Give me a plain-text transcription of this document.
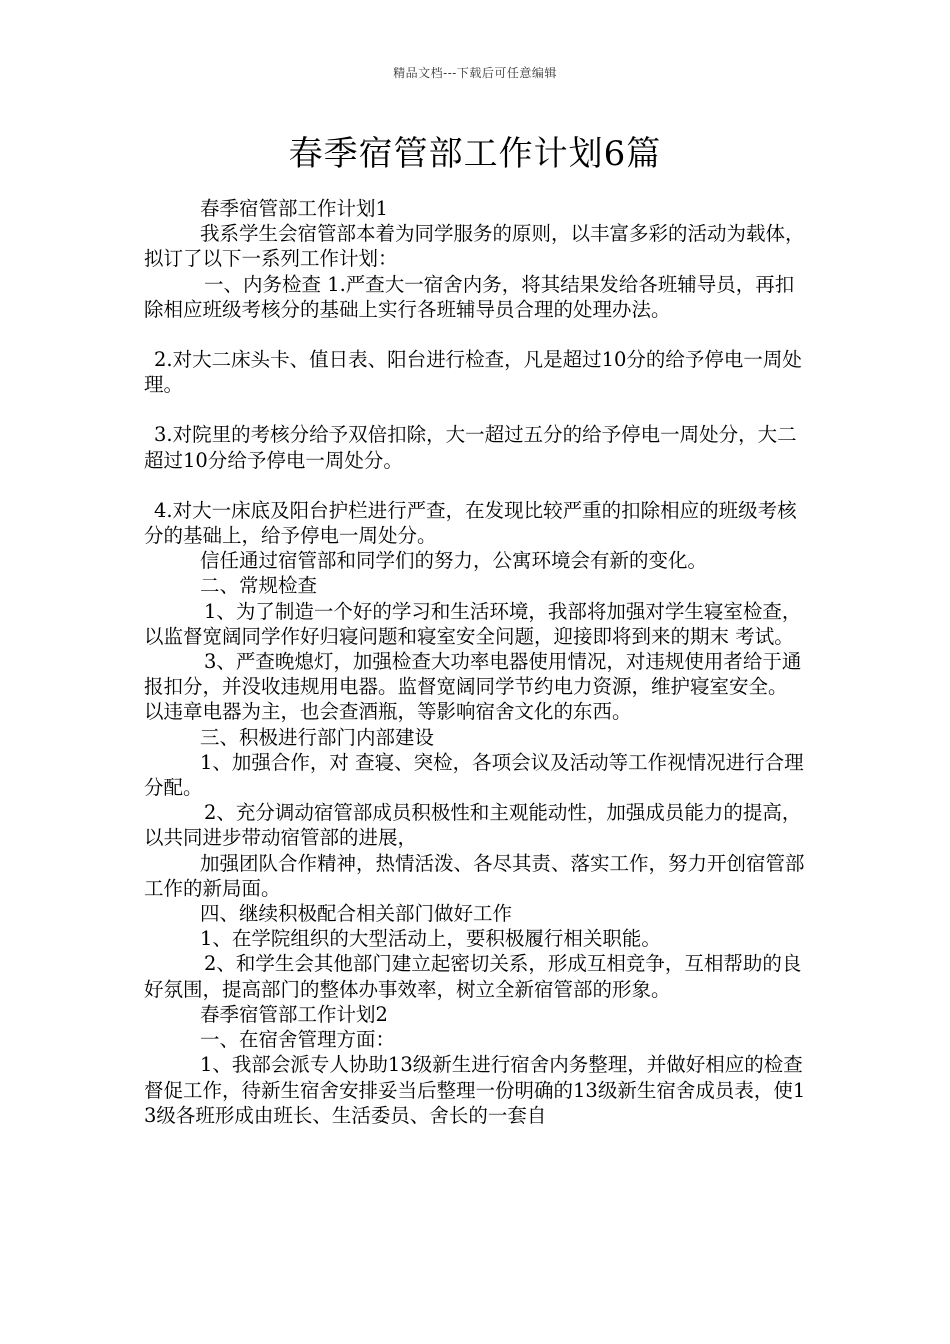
精品文档---下载后可任意编辑
春季宿管部工作计划6篇

春季宿管部工作计划1

我系学生会宿管部本着为同学服务的原则，以丰富多彩的活动为载体，拟订了以下一系列工作计划：

一、内务检查 1.严查大一宿舍内务，将其结果发给各班辅导员，再扣除相应班级考核分的基础上实行各班辅导员合理的处理办法。

2.对大二床头卡、值日表、阳台进行检查，凡是超过10分的给予停电一周处理。

3.对院里的考核分给予双倍扣除，大一超过五分的给予停电一周处分，大二超过10分给予停电一周处分。

4.对大一床底及阳台护栏进行严查，在发现比较严重的扣除相应的班级考核分的基础上，给予停电一周处分。

信任通过宿管部和同学们的努力，公寓环境会有新的变化。

二、常规检查

1、为了制造一个好的学习和生活环境，我部将加强对学生寝室检查，以监督宽阔同学作好归寝问题和寝室安全问题，迎接即将到来的期末 考试。

3、严查晚熄灯，加强检查大功率电器使用情况，对违规使用者给于通报扣分，并没收违规用电器。监督宽阔同学节约电力资源，维护寝室安全。以违章电器为主，也会查酒瓶，等影响宿舍文化的东西。

三、积极进行部门内部建设

1、加强合作，对 查寝、突检，各项会议及活动等工作视情况进行合理分配。

2、充分调动宿管部成员积极性和主观能动性，加强成员能力的提高，以共同进步带动宿管部的进展，

加强团队合作精神，热情活泼、各尽其责、落实工作，努力开创宿管部工作的新局面。

四、继续积极配合相关部门做好工作

1、在学院组织的大型活动上，要积极履行相关职能。

2、和学生会其他部门建立起密切关系，形成互相竞争，互相帮助的良好氛围，提高部门的整体办事效率，树立全新宿管部的形象。

春季宿管部工作计划2

一、在宿舍管理方面：

1、我部会派专人协助13级新生进行宿舍内务整理，并做好相应的检查督促工作，待新生宿舍安排妥当后整理一份明确的13级新生宿舍成员表，使13级各班形成由班长、生活委员、舍长的一套自
